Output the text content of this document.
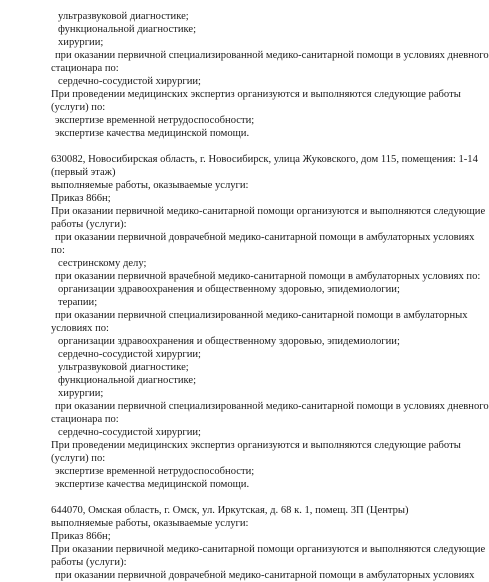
ультразвуковой диагностике;
функциональной диагностике;
хирургии;
при оказании первичной специализированной медико-санитарной помощи в условиях дневного
стационара по:
сердечно-сосудистой хирургии;
При проведении медицинских экспертиз организуются и выполняются следующие работы
(услуги) по:
экспертизе временной нетрудоспособности;
экспертизе качества медицинской помощи.
630082, Новосибирская область, г. Новосибирск, улица Жуковского, дом 115, помещения: 1-14
(первый этаж)
выполняемые работы, оказываемые услуги:
Приказ 866н;
При оказании первичной медико-санитарной помощи организуются и выполняются следующие
работы (услуги):
при оказании первичной доврачебной медико-санитарной помощи в амбулаторных условиях
по:
сестринскому делу;
при оказании первичной врачебной медико-санитарной помощи в амбулаторных условиях по:
организации здравоохранения и общественному здоровью, эпидемиологии;
терапии;
при оказании первичной специализированной медико-санитарной помощи в амбулаторных
условиях по:
организации здравоохранения и общественному здоровью, эпидемиологии;
сердечно-сосудистой хирургии;
ультразвуковой диагностике;
функциональной диагностике;
хирургии;
при оказании первичной специализированной медико-санитарной помощи в условиях дневного
стационара по:
сердечно-сосудистой хирургии;
При проведении медицинских экспертиз организуются и выполняются следующие работы
(услуги) по:
экспертизе временной нетрудоспособности;
экспертизе качества медицинской помощи.
644070, Омская область, г. Омск, ул. Иркутская, д. 68 к. 1, помещ. 3П (Центры)
выполняемые работы, оказываемые услуги:
Приказ 866н;
При оказании первичной медико-санитарной помощи организуются и выполняются следующие
работы (услуги):
при оказании первичной доврачебной медико-санитарной помощи в амбулаторных условиях
